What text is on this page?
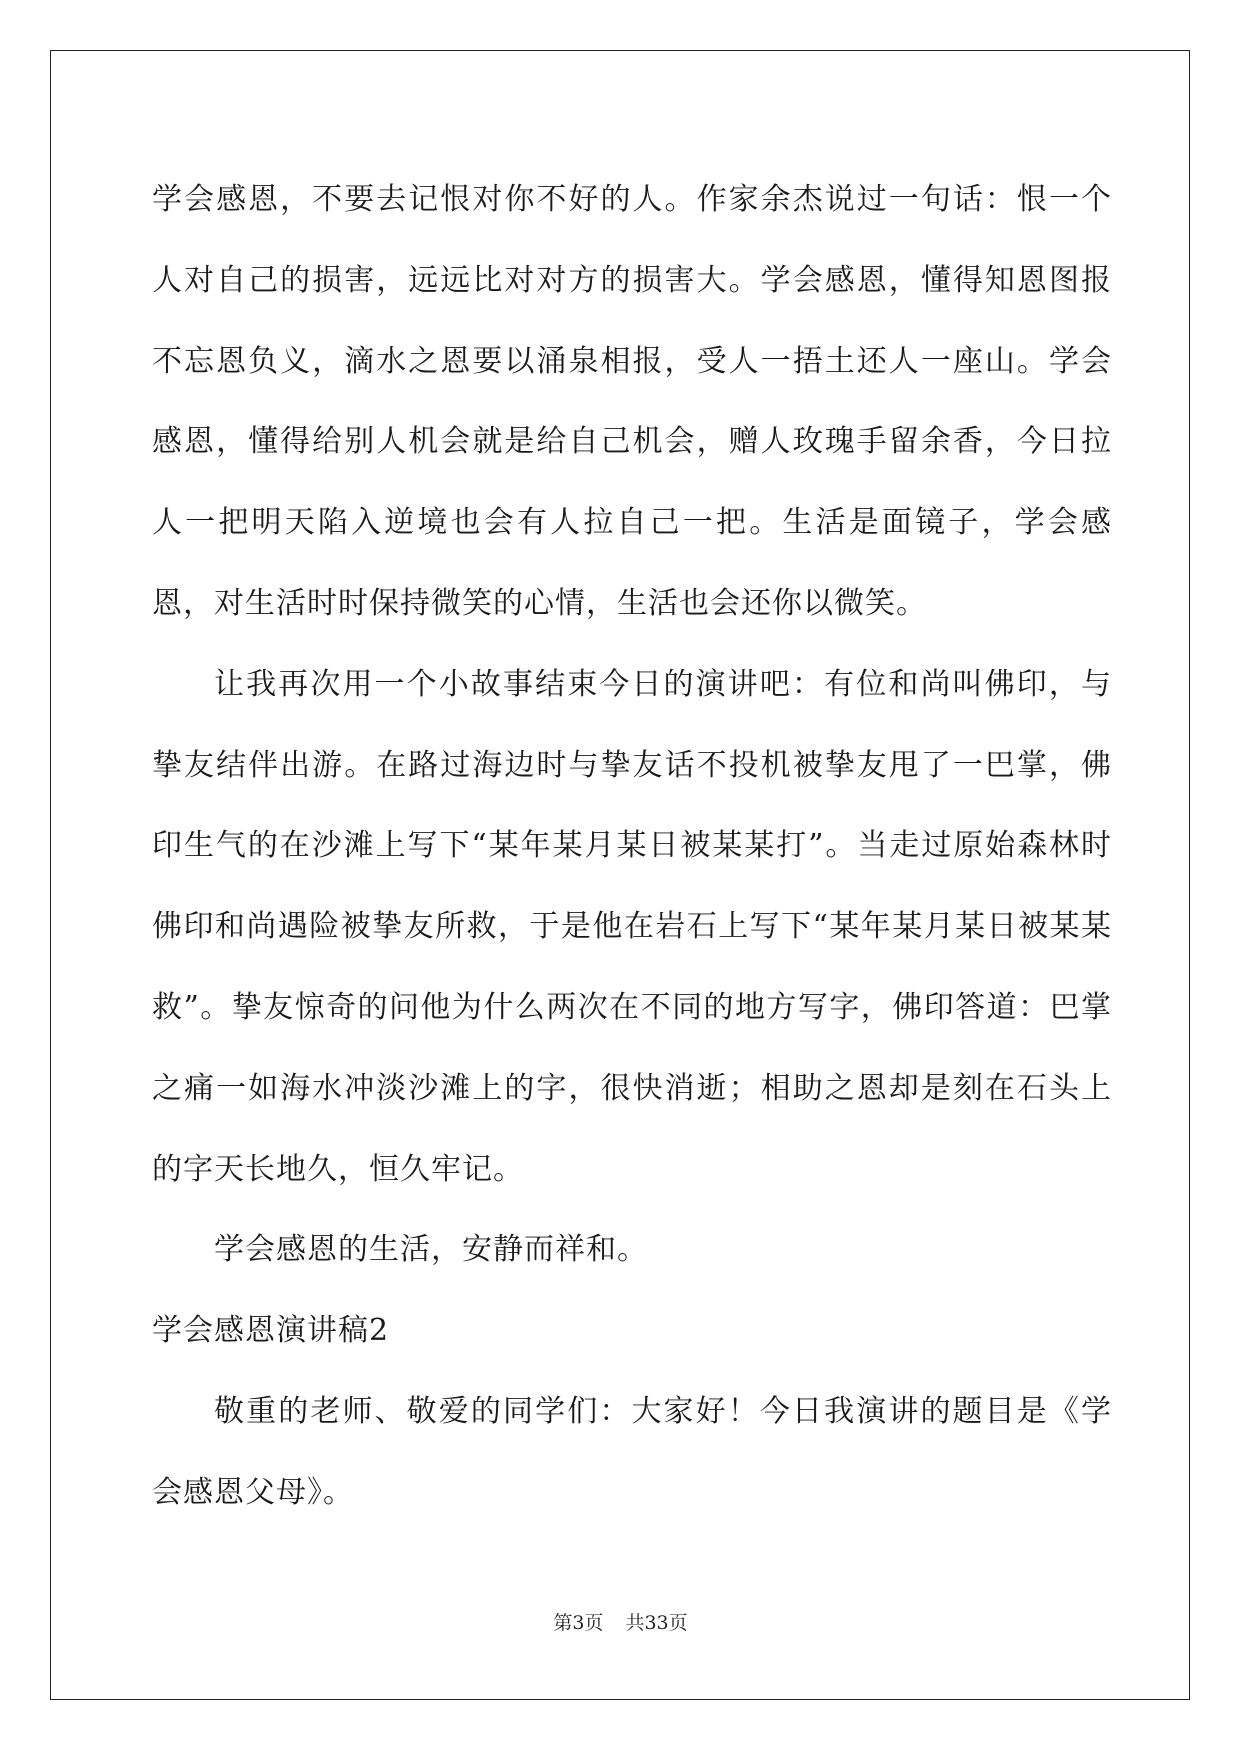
学会感恩，不要去记恨对你不好的人。作家余杰说过一句话：恨一个人对自己的损害，远远比对对方的损害大。学会感恩，懂得知恩图报不忘恩负义，滴水之恩要以涌泉相报，受人一捂土还人一座山。学会感恩，懂得给别人机会就是给自己机会，赠人玫瑰手留余香，今日拉人一把明天陷入逆境也会有人拉自己一把。生活是面镜子，学会感恩，对生活时时保持微笑的心情，生活也会还你以微笑。

让我再次用一个小故事结束今日的演讲吧：有位和尚叫佛印，与挚友结伴出游。在路过海边时与挚友话不投机被挚友甩了一巴掌，佛印生气的在沙滩上写下“某年某月某日被某某打”。当走过原始森林时佛印和尚遇险被挚友所救，于是他在岩石上写下“某年某月某日被某某救”。挚友惊奇的问他为什么两次在不同的地方写字，佛印答道：巴掌之痛一如海水冲淡沙滩上的字，很快消逝；相助之恩却是刻在石头上的字天长地久，恒久牢记。

学会感恩的生活，安静而祥和。

学会感恩演讲稿2

敬重的老师、敬爱的同学们：大家好！今日我演讲的题目是《学会感恩父母》。

第3页 共33页
